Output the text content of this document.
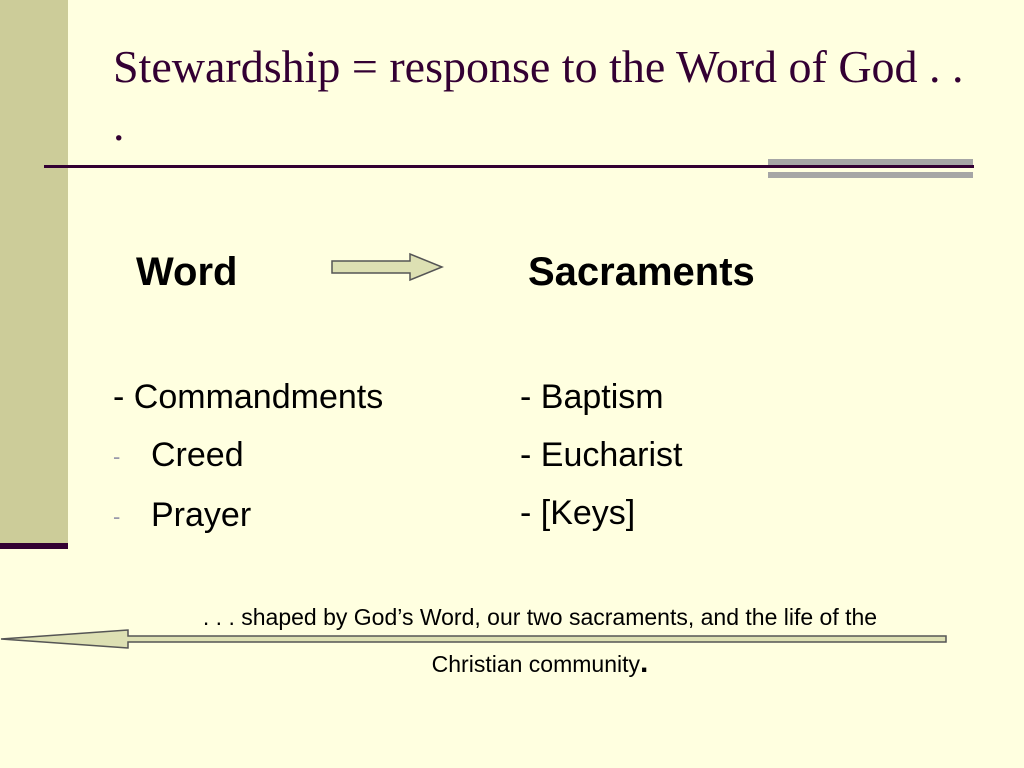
Stewardship = response to the Word of God . . .
Word	Sacraments
- Commandments
- Creed
- Prayer
- Baptism
- Eucharist
- [Keys]
. . . shaped by God’s Word, our two sacraments, and the life of the
Christian community.
